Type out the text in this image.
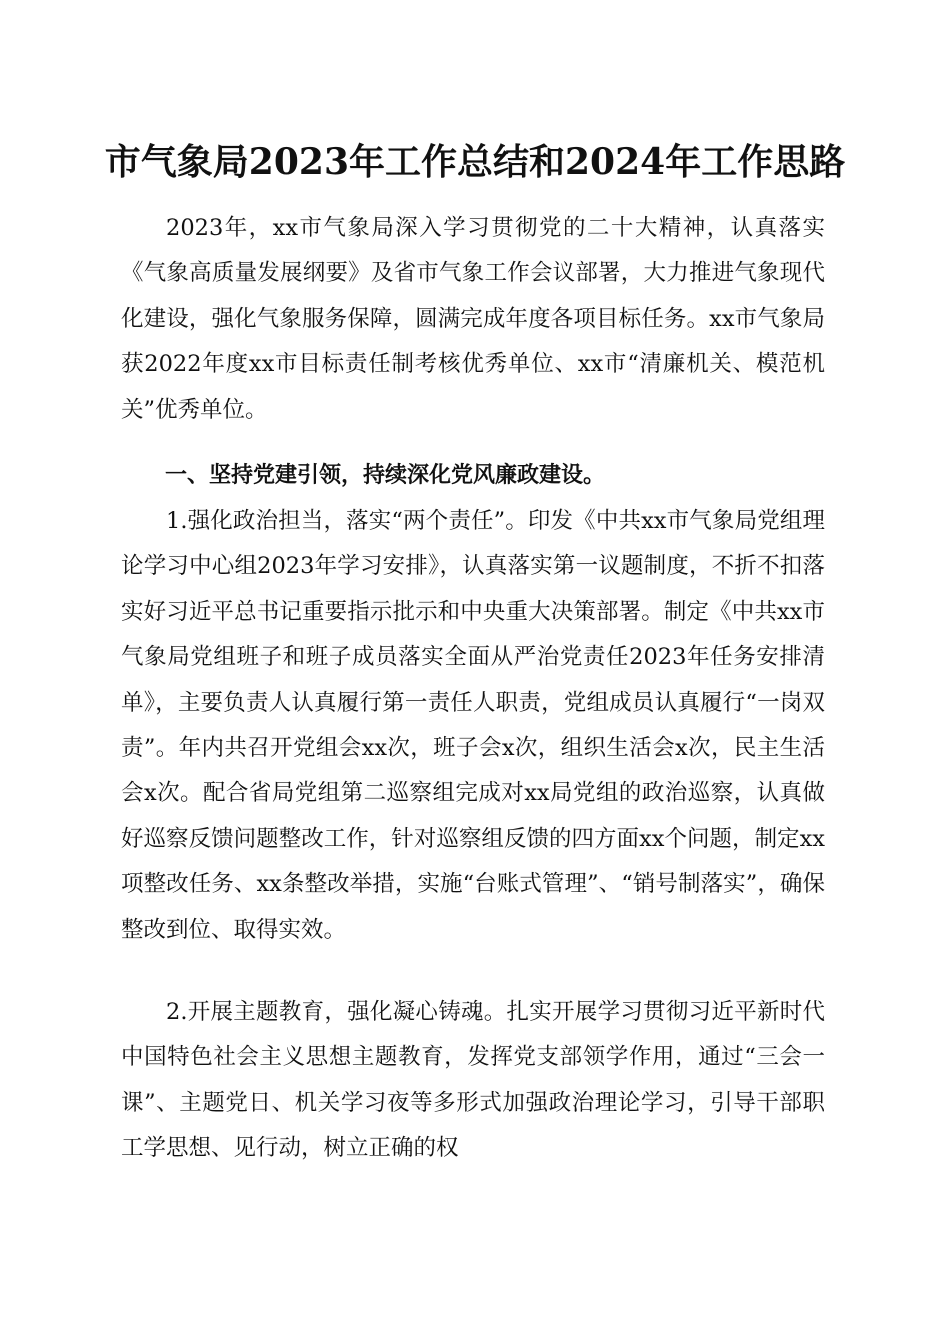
市气象局2023年工作总结和2024年工作思路

2023年，xx市气象局深入学习贯彻党的二十大精神，认真落实《气象高质量发展纲要》及省市气象工作会议部署，大力推进气象现代化建设，强化气象服务保障，圆满完成年度各项目标任务。xx市气象局获2022年度xx市目标责任制考核优秀单位、xx市“清廉机关、模范机关”优秀单位。

一、坚持党建引领，持续深化党风廉政建设。

1.强化政治担当，落实“两个责任”。印发《中共xx市气象局党组理论学习中心组2023年学习安排》，认真落实第一议题制度，不折不扣落实好习近平总书记重要指示批示和中央重大决策部署。制定《中共xx市气象局党组班子和班子成员落实全面从严治党责任2023年任务安排清单》，主要负责人认真履行第一责任人职责，党组成员认真履行“一岗双责”。年内共召开党组会xx次，班子会x次，组织生活会x次，民主生活会x次。配合省局党组第二巡察组完成对xx局党组的政治巡察，认真做好巡察反馈问题整改工作，针对巡察组反馈的四方面xx个问题，制定xx项整改任务、xx条整改举措，实施“台账式管理”、“销号制落实”，确保整改到位、取得实效。

2.开展主题教育，强化凝心铸魂。扎实开展学习贯彻习近平新时代中国特色社会主义思想主题教育，发挥党支部领学作用，通过“三会一课”、主题党日、机关学习夜等多形式加强政治理论学习，引导干部职工学思想、见行动，树立正确的权
